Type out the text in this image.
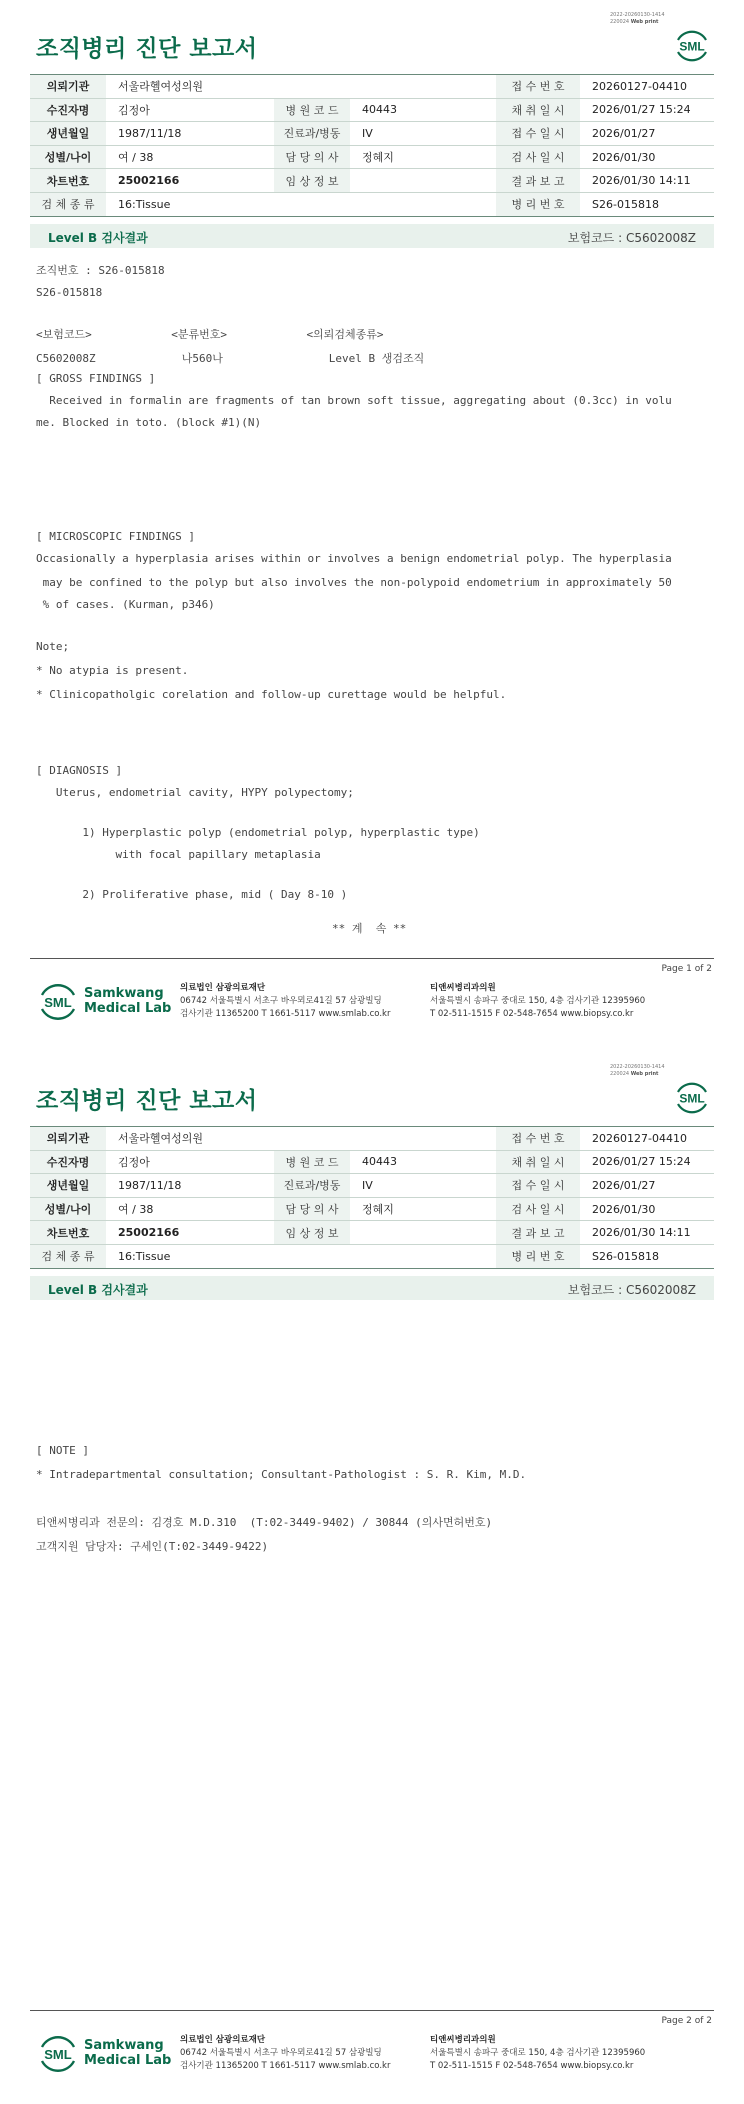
2022-20260130-1414
220024 Web print
조직병리 진단 보고서	SML
의뢰기관	서울라헬여성의원			접 수 번 호	20260127-04410
수진자명	김정아	병 원 코 드	40443	채 취 일 시	2026/01/27 15:24
생년월일	1987/11/18	진료과/병동	IV	접 수 일 시	2026/01/27
성별/나이	여 / 38	담 당 의 사	정혜지	검 사 일 시	2026/01/30
차트번호	25002166	임 상 정 보		결 과 보 고	2026/01/30 14:11
검 체 종 류	16:Tissue			병 리 번 호	S26-015818
Level B 검사결과	보험코드 : C5602008Z
조직번호 : S26-015818
S26-015818
<보험코드>            <분류번호>            <의뢰검체종류>
C5602008Z             나560나                Level B 생검조직
[ GROSS FINDINGS ]
Received in formalin are fragments of tan brown soft tissue, aggregating about (0.3cc) in volu
me. Blocked in toto. (block #1)(N)
[ MICROSCOPIC FINDINGS ]
Occasionally a hyperplasia arises within or involves a benign endometrial polyp. The hyperplasia
may be confined to the polyp but also involves the non-polypoid endometrium in approximately 50
% of cases. (Kurman, p346)
Note;
* No atypia is present.
* Clinicopatholgic corelation and follow-up curettage would be helpful.
[ DIAGNOSIS ]
Uterus, endometrial cavity, HYPY polypectomy;
1) Hyperplastic polyp (endometrial polyp, hyperplastic type)
with focal papillary metaplasia
2) Proliferative phase, mid ( Day 8-10 )
** 계  속 **
Page 1 of 2
SML
Samkwang
Medical Lab
의료법인 삼광의료재단
06742 서울특별시 서초구 바우뫼로41길 57 삼광빌딩
검사기관 11365200 T 1661-5117 www.smlab.co.kr
티앤씨병리과의원
서울특별시 송파구 중대로 150, 4층 검사기관 12395960
T 02-511-1515 F 02-548-7654 www.biopsy.co.kr
2022-20260130-1414
220024 Web print
조직병리 진단 보고서	SML
의뢰기관	서울라헬여성의원			접 수 번 호	20260127-04410
수진자명	김정아	병 원 코 드	40443	채 취 일 시	2026/01/27 15:24
생년월일	1987/11/18	진료과/병동	IV	접 수 일 시	2026/01/27
성별/나이	여 / 38	담 당 의 사	정혜지	검 사 일 시	2026/01/30
차트번호	25002166	임 상 정 보		결 과 보 고	2026/01/30 14:11
검 체 종 류	16:Tissue			병 리 번 호	S26-015818
Level B 검사결과	보험코드 : C5602008Z
[ NOTE ]
* Intradepartmental consultation; Consultant-Pathologist : S. R. Kim, M.D.
티앤씨병리과 전문의: 김경호 M.D.310  (T:02-3449-9402) / 30844 (의사면허번호)
고객지원 담당자: 구세인(T:02-3449-9422)
Page 2 of 2
SML
Samkwang
Medical Lab
의료법인 삼광의료재단
06742 서울특별시 서초구 바우뫼로41길 57 삼광빌딩
검사기관 11365200 T 1661-5117 www.smlab.co.kr
티앤씨병리과의원
서울특별시 송파구 중대로 150, 4층 검사기관 12395960
T 02-511-1515 F 02-548-7654 www.biopsy.co.kr
